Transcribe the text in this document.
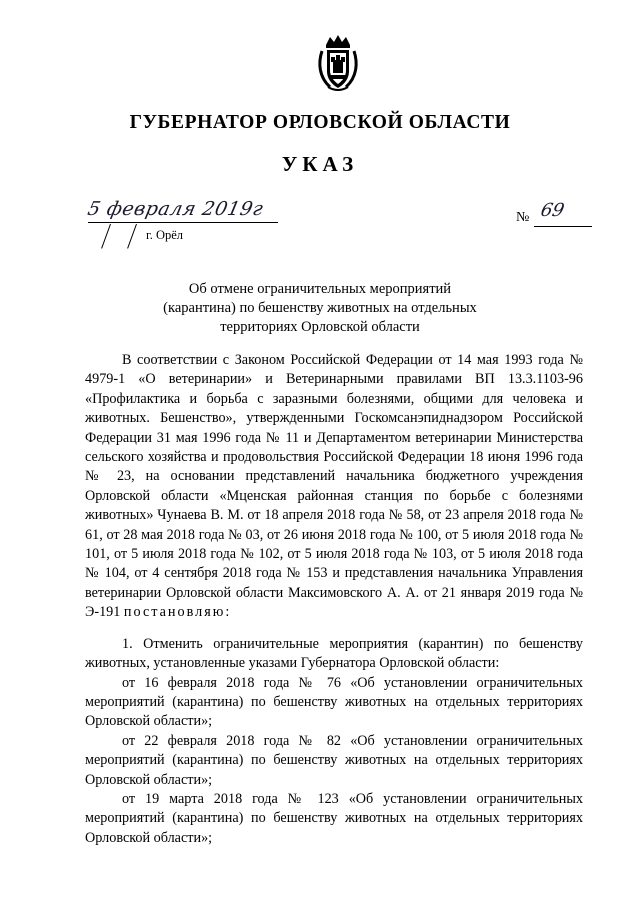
ГУБЕРНАТОР ОРЛОВСКОЙ ОБЛАСТИ
УКАЗ
5 февраля 2019г
г. Орёл
№ 69
Об отмене ограничительных мероприятий
(карантина) по бешенству животных на отдельных
территориях Орловской области

В соответствии с Законом Российской Федерации от 14 мая 1993 года № 4979-1 «О ветеринарии» и Ветеринарными правилами ВП 13.3.1103-96 «Профилактика и борьба с заразными болезнями, общими для человека и животных. Бешенство», утвержденными Госкомсанэпиднадзором Российской Федерации 31 мая 1996 года № 11 и Департаментом ветеринарии Министерства сельского хозяйства и продовольствия Российской Федерации 18 июня 1996 года № 23, на основании представлений начальника бюджетного учреждения Орловской области «Мценская районная станция по борьбе с болезнями животных» Чунаева В. М. от 18 апреля 2018 года № 58, от 23 апреля 2018 года № 61, от 28 мая 2018 года № 03, от 26 июня 2018 года № 100, от 5 июля 2018 года № 101, от 5 июля 2018 года № 102, от 5 июля 2018 года № 103, от 5 июля 2018 года № 104, от 4 сентября 2018 года № 153 и представления начальника Управления ветеринарии Орловской области Максимовского А. А. от 21 января 2019 года № Э-191 постановляю:

1. Отменить ограничительные мероприятия (карантин) по бешенству животных, установленные указами Губернатора Орловской области:

от 16 февраля 2018 года № 76 «Об установлении ограничительных мероприятий (карантина) по бешенству животных на отдельных территориях Орловской области»;

от 22 февраля 2018 года № 82 «Об установлении ограничительных мероприятий (карантина) по бешенству животных на отдельных территориях Орловской области»;

от 19 марта 2018 года № 123 «Об установлении ограничительных мероприятий (карантина) по бешенству животных на отдельных территориях Орловской области»;
